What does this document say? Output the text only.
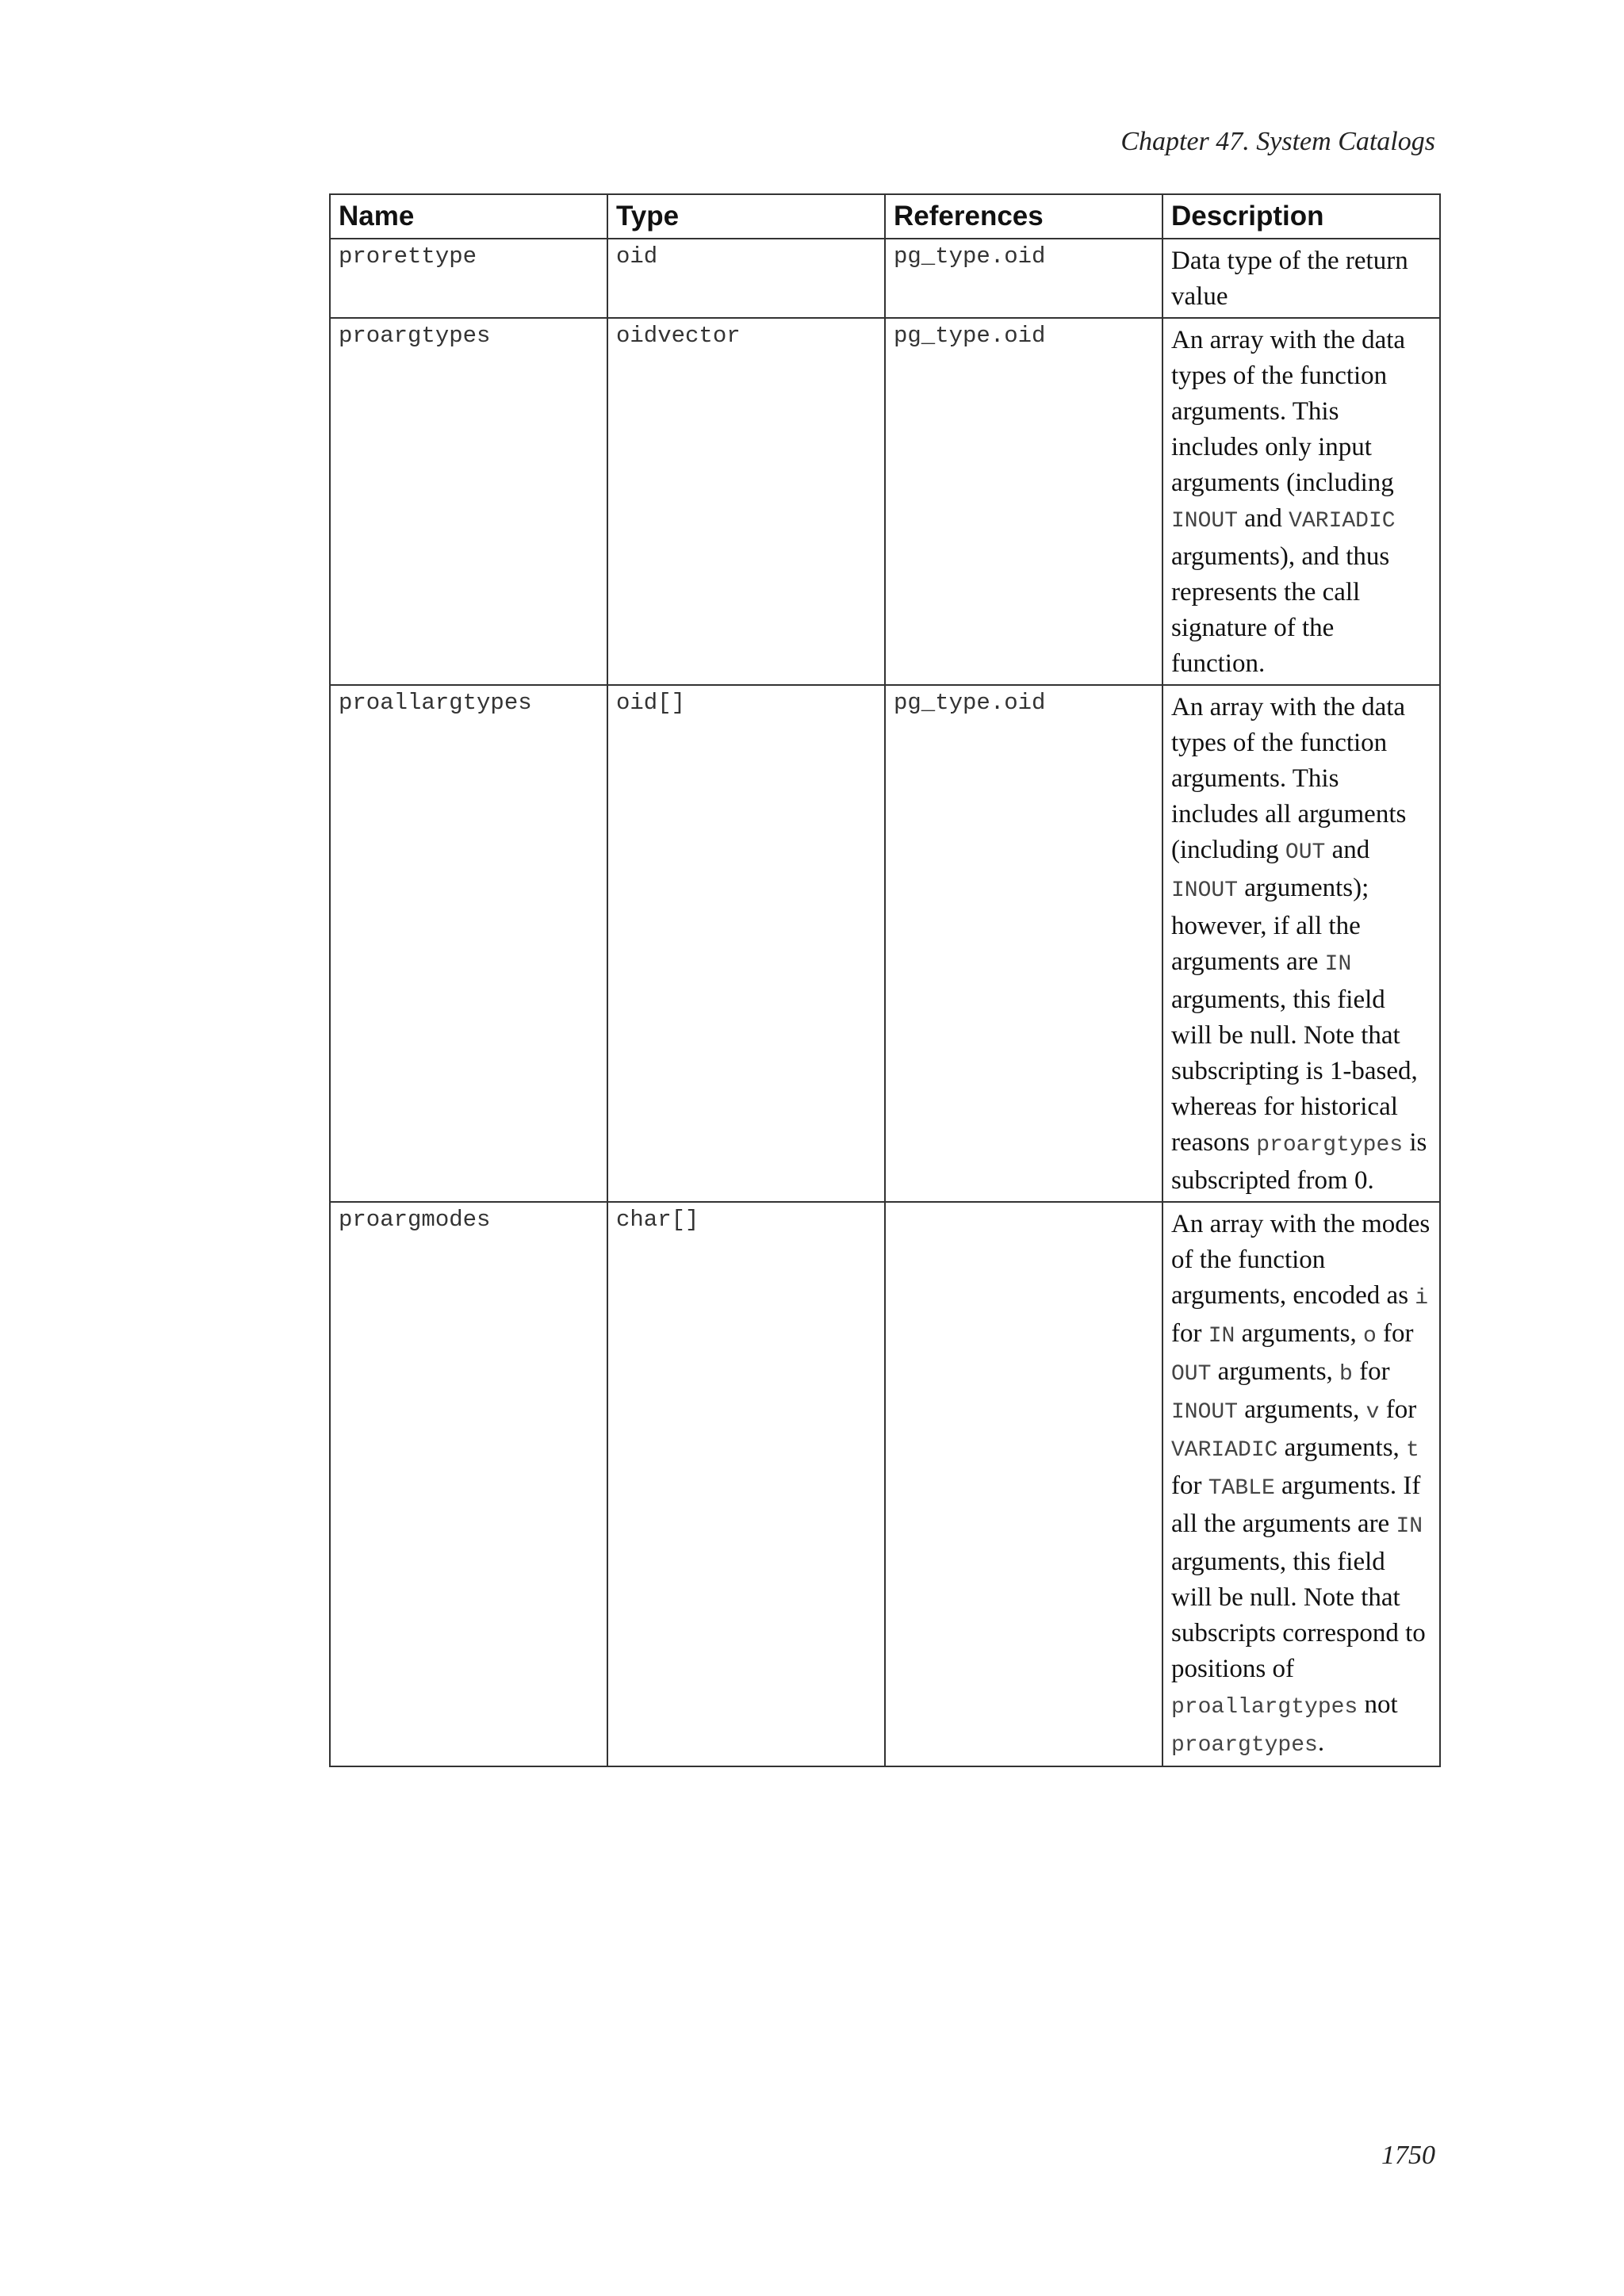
Chapter 47. System Catalogs
Name	Type	References	Description
prorettype	oid	pg_type.oid	Data type of the return value
proargtypes	oidvector	pg_type.oid	An array with the data types of the function arguments. This includes only input arguments (including INOUT and VARIADIC arguments), and thus represents the call signature of the function.
proallargtypes	oid[]	pg_type.oid	An array with the data types of the function arguments. This includes all arguments (including OUT and INOUT arguments); however, if all the arguments are IN arguments, this field will be null. Note that subscripting is 1-based, whereas for historical reasons proargtypes is subscripted from 0.
proargmodes	char[]		An array with the modes of the function arguments, encoded as i for IN arguments, o for OUT arguments, b for INOUT arguments, v for VARIADIC arguments, t for TABLE arguments. If all the arguments are IN arguments, this field will be null. Note that subscripts correspond to positions of proallargtypes not proargtypes.
1750
